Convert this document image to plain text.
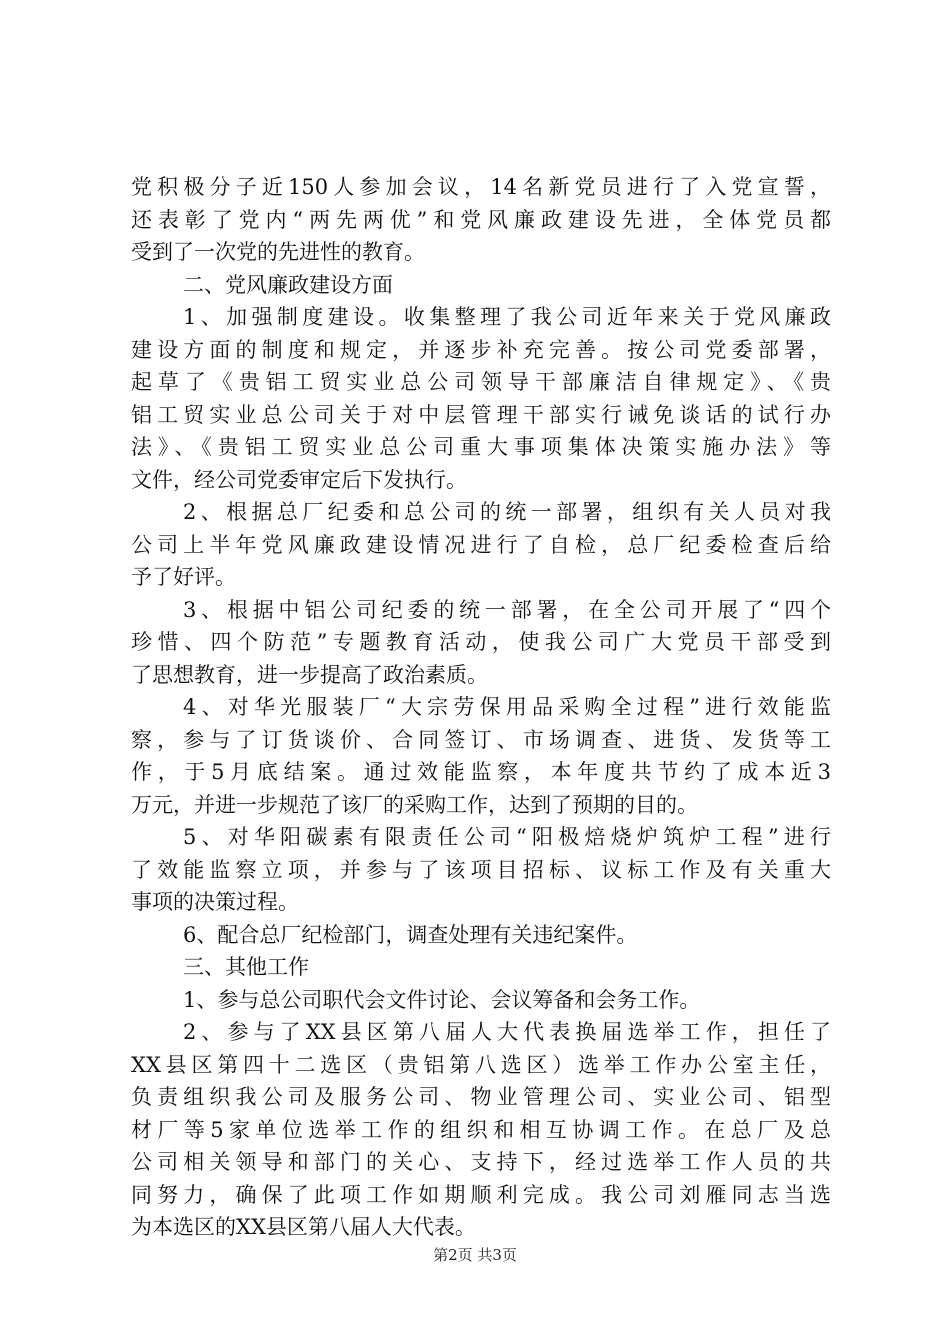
党积极分子近150人参加会议，14名新党员进行了入党宣誓，
还表彰了党内“两先两优”和党风廉政建设先进，全体党员都
受到了一次党的先进性的教育。
二、党风廉政建设方面
1、加强制度建设。收集整理了我公司近年来关于党风廉政
建设方面的制度和规定，并逐步补充完善。按公司党委部署，
起草了《贵铝工贸实业总公司领导干部廉洁自律规定》、《贵
铝工贸实业总公司关于对中层管理干部实行诫免谈话的试行办
法》、《贵铝工贸实业总公司重大事项集体决策实施办法》等
文件，经公司党委审定后下发执行。
2、根据总厂纪委和总公司的统一部署，组织有关人员对我
公司上半年党风廉政建设情况进行了自检，总厂纪委检查后给
予了好评。
3、根据中铝公司纪委的统一部署，在全公司开展了“四个
珍惜、四个防范”专题教育活动，使我公司广大党员干部受到
了思想教育，进一步提高了政治素质。
4、对华光服装厂“大宗劳保用品采购全过程”进行效能监
察，参与了订货谈价、合同签订、市场调查、进货、发货等工
作，于5月底结案。通过效能监察，本年度共节约了成本近3
万元，并进一步规范了该厂的采购工作，达到了预期的目的。
5、对华阳碳素有限责任公司“阳极焙烧炉筑炉工程”进行
了效能监察立项，并参与了该项目招标、议标工作及有关重大
事项的决策过程。
6、配合总厂纪检部门，调查处理有关违纪案件。
三、其他工作
1、参与总公司职代会文件讨论、会议筹备和会务工作。
2、参与了XX县区第八届人大代表换届选举工作，担任了
XX县区第四十二选区（贵铝第八选区）选举工作办公室主任，
负责组织我公司及服务公司、物业管理公司、实业公司、铝型
材厂等5家单位选举工作的组织和相互协调工作。在总厂及总
公司相关领导和部门的关心、支持下，经过选举工作人员的共
同努力，确保了此项工作如期顺利完成。我公司刘雁同志当选
为本选区的XX县区第八届人大代表。
第2页 共3页
